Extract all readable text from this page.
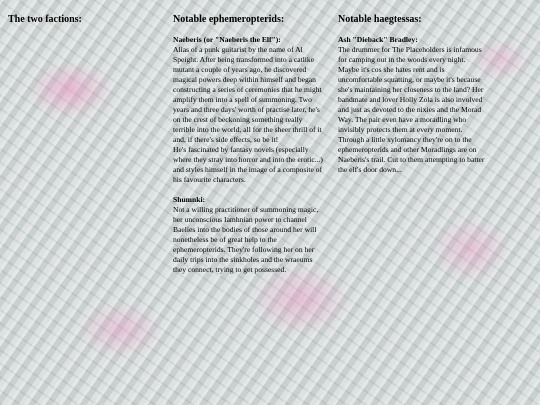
The two factions:	Notable ephemeropterids:
Naeberis (or "Naeberis the Elf"):

Alias of a punk guitarist by the name of Al Speight. After being transformed into a catlike mutant a couple of years ago, he discovered magical powers deep within himself and began constructing a series of ceremonies that he might amplify them into a spell of summoning. Two years and three days' worth of practise later, he's on the crest of beckoning something really terrible into the world, all for the sheer thrill of it and, if there's side effects, so be it!

He's fascinated by fantasy novels (especially where they stray into horror and into the erotic...) and styles himself in the image of a composite of his favourite characters.

Shumnki:

Not a willing practitioner of summoning magic, her unconscious Iamhnian power to channel Baelies into the bodies of those around her will nonetheless be of great help to the ephemeropterids. They're following her on her daily trips into the sinkholes and the wraeums they connect, trying to get possessed.

Notable haegtessas:
Ash "Dieback" Bradley:

The drummer for The Placeholders is infamous for camping out in the woods every night. Maybe it's cos she hates rent and is uncomfortable squatting, or maybe it's because she's maintaining her closeness to the land? Her bandmate and lover Holly Zola is also involved and just as devoted to the nixies and the Morad Way. The pair even have a moradling who invisibly protects them at every moment. Through a little xylomancy they're on to the ephemeropterids and other Moradlings are on Naeberis's trail. Cut to them attempting to batter the elf's door down...
